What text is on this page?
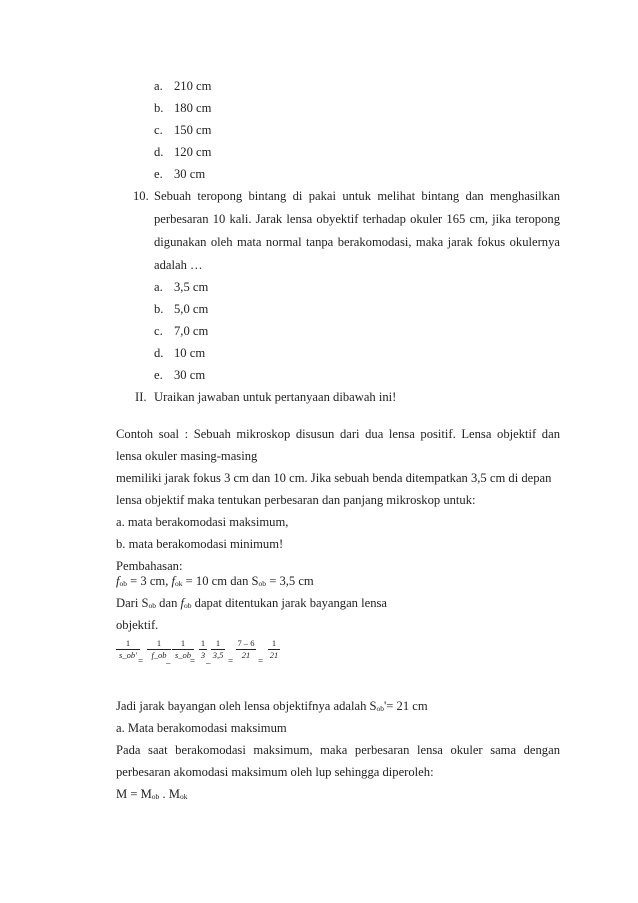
a. 210 cm
b. 180 cm
c. 150 cm
d. 120 cm
e. 30 cm
10. Sebuah teropong bintang di pakai untuk melihat bintang dan menghasilkan
perbesaran 10 kali. Jarak lensa obyektif terhadap okuler 165 cm, jika teropong
digunakan oleh mata normal tanpa berakomodasi, maka jarak fokus okulernya
adalah …
a. 3,5 cm
b. 5,0 cm
c. 7,0 cm
d. 10 cm
e. 30 cm
II. Uraikan jawaban untuk pertanyaan dibawah ini!
Contoh soal : Sebuah mikroskop disusun dari dua lensa positif. Lensa objektif dan
lensa okuler masing-masing
memiliki jarak fokus 3 cm dan 10 cm. Jika sebuah benda ditempatkan 3,5 cm di depan
lensa objektif maka tentukan perbesaran dan panjang mikroskop untuk:
a. mata berakomodasi maksimum,
b. mata berakomodasi minimum!
Pembahasan:
$f_{ob} = 3$ cm, $f_{ok} = 10$ cm dan $S_{ob} = 3,5$ cm
Dari $S_{ob}$ dan $f_{ob}$ dapat ditentukan jarak bayangan lensa
objektif.
1
s_ob'
=
1
f_ob
–
1
s_ob
=
1
3
–
1
3,5
=
7 – 6
21
=
1
21
Jadi jarak bayangan oleh lensa objektifnya adalah $S_{ob}'= 21$ cm
a. Mata berakomodasi maksimum
Pada saat berakomodasi maksimum, maka perbesaran lensa okuler sama dengan
perbesaran akomodasi maksimum oleh lup sehingga diperoleh:
$M = M_{ob}$ . $M_{ok}$
